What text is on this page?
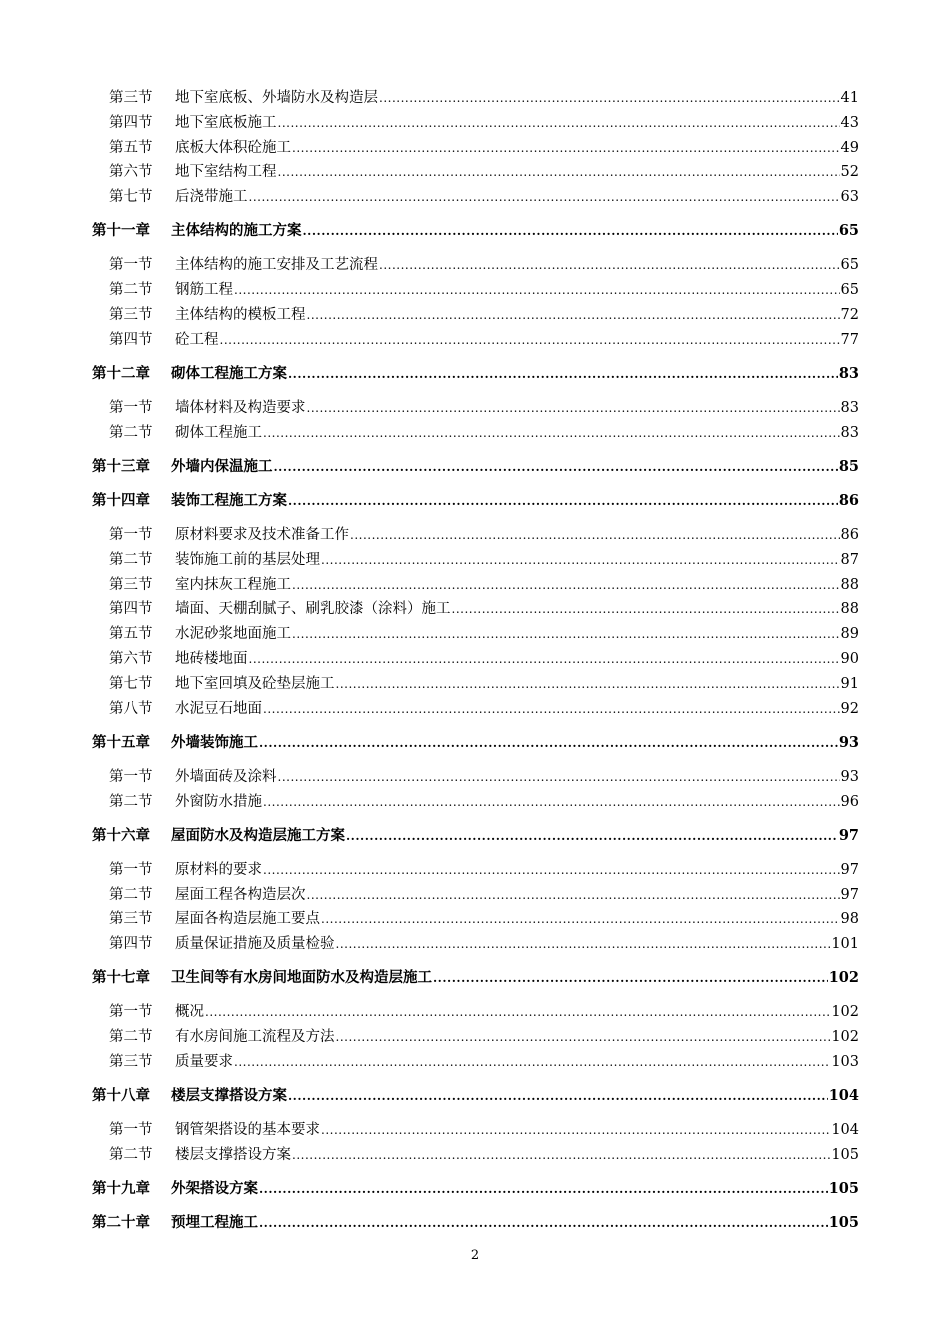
第三节	地下室底板、外墙防水及构造层 .....	41
第四节	地下室底板施工 .....	43
第五节	底板大体积砼施工 .....	49
第六节	地下室结构工程 .....	52
第七节	后浇带施工 .....	63
第十一章	主体结构的施工方案 .....	65
第一节	主体结构的施工安排及工艺流程 .....	65
第二节	钢筋工程 .....	65
第三节	主体结构的模板工程 .....	72
第四节	砼工程 .....	77
第十二章	砌体工程施工方案 .....	83
第一节	墙体材料及构造要求 .....	83
第二节	砌体工程施工 .....	83
第十三章	外墙内保温施工 .....	85
第十四章	装饰工程施工方案 .....	86
第一节	原材料要求及技术准备工作 .....	86
第二节	装饰施工前的基层处理 .....	87
第三节	室内抹灰工程施工 .....	88
第四节	墙面、天棚刮腻子、刷乳胶漆（涂料）施工 .....	88
第五节	水泥砂浆地面施工 .....	89
第六节	地砖楼地面 .....	90
第七节	地下室回填及砼垫层施工 .....	91
第八节	水泥豆石地面 .....	92
第十五章	外墙装饰施工 .....	93
第一节	外墙面砖及涂料 .....	93
第二节	外窗防水措施 .....	96
第十六章	屋面防水及构造层施工方案 .....	97
第一节	原材料的要求 .....	97
第二节	屋面工程各构造层次 .....	97
第三节	屋面各构造层施工要点 .....	98
第四节	质量保证措施及质量检验 .....	101
第十七章	卫生间等有水房间地面防水及构造层施工 .....	102
第一节	概况 .....	102
第二节	有水房间施工流程及方法 .....	102
第三节	质量要求 .....	103
第十八章	楼层支撑搭设方案 .....	104
第一节	钢管架搭设的基本要求 .....	104
第二节	楼层支撑搭设方案 .....	105
第十九章	外架搭设方案 .....	105
第二十章	预埋工程施工 .....	105
2
